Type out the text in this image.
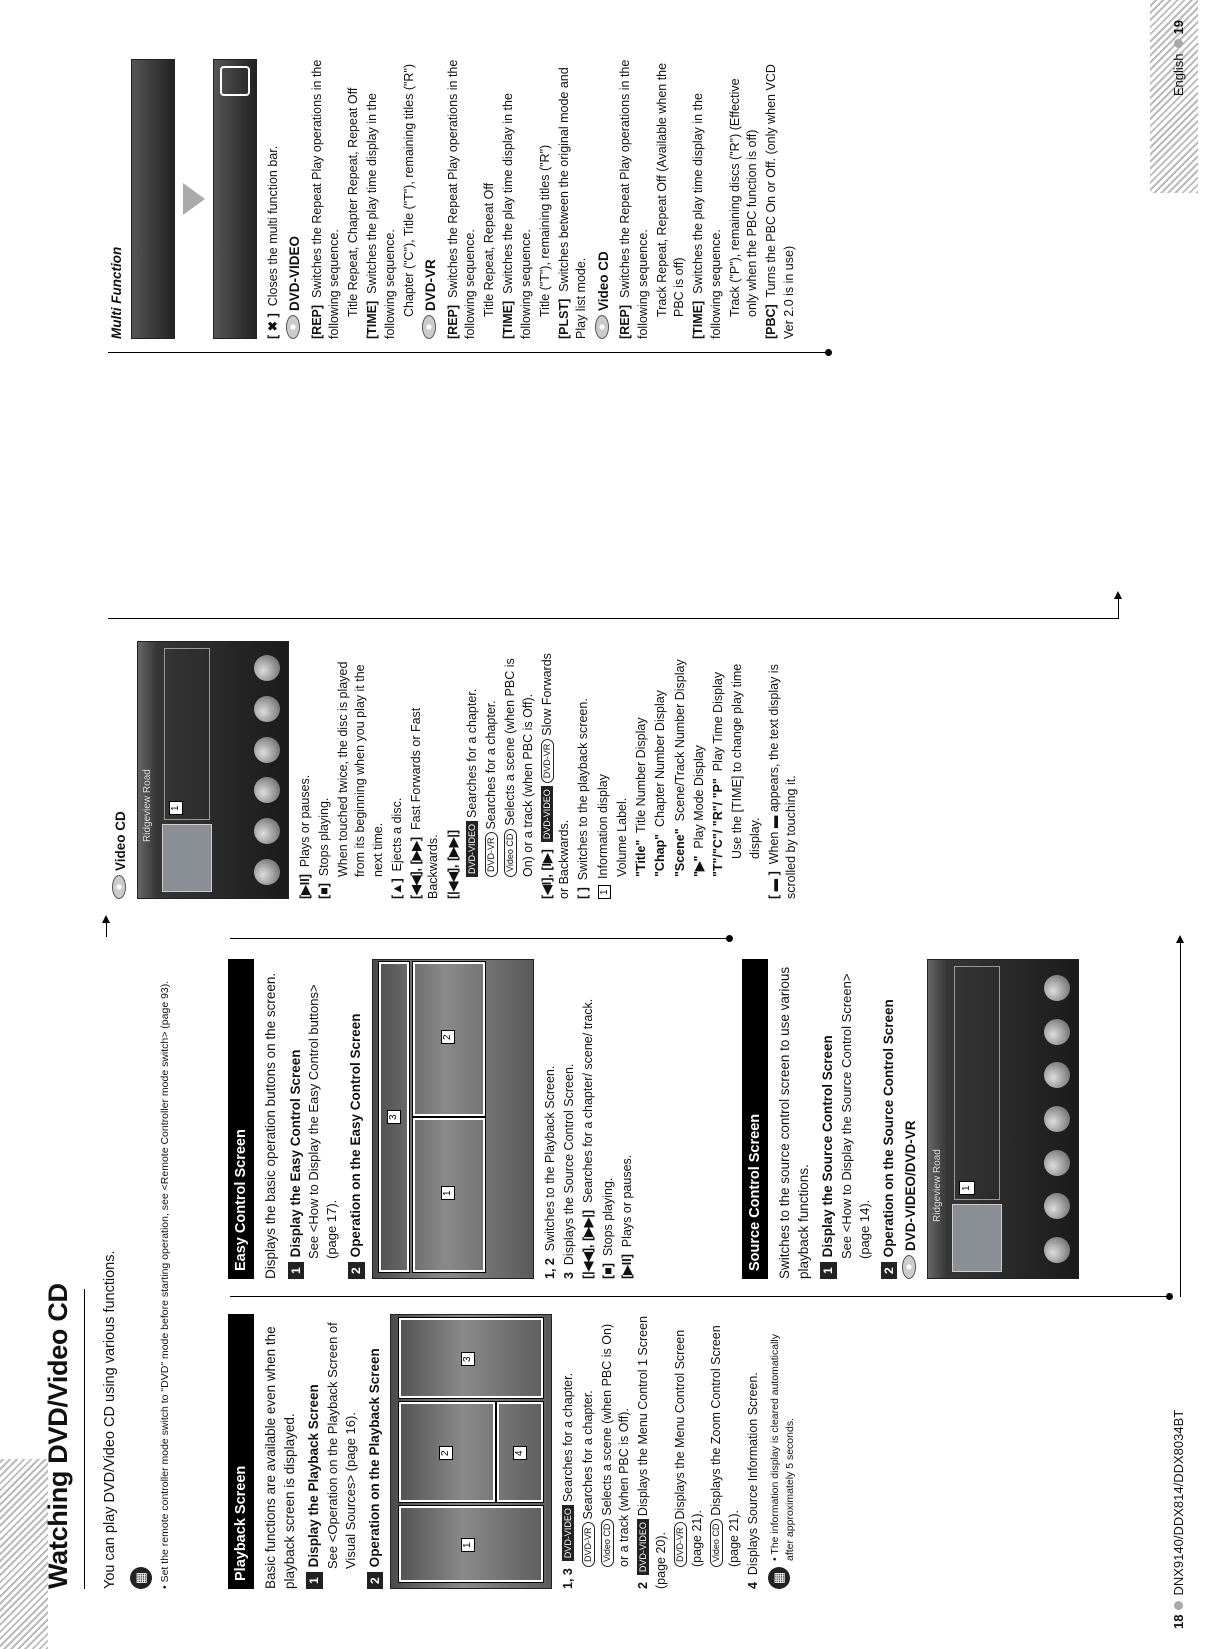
Watching DVD/Video CD You can play DVD/Video CD using various functions. ▦
• Set the remote controller mode switch to "DVD" mode before starting operation, see <Remote Controller mode switch> (page 93).	Playback Screen	Basic functions are available even when the playback screen is displayed. 1Display the Playback Screen See <Operation on the Playback Screen of Visual Sources> (page 16).
2Operation on the Playback Screen	1
2
3
4
1, 3  DVD-VIDEOSearches for a chapter.
DVD-VRSearches for a chapter.
Video CDSelects a scene (when PBC is On) or a track (when PBC is Off).
2  DVD-VIDEODisplays the Menu Control 1 Screen (page 20). DVD-VRDisplays the Menu Control Screen (page 21). Video CDDisplays the Zoom Control Screen (page 21).
4  Displays Source Information Screen.
▦
• The information display is cleared automatically after approximately 5 seconds.
Easy Control Screen	Displays the basic operation buttons on the screen. 1Display the Easy Control Screen See <How to Display the Easy Control buttons> (page 17).
2Operation on the Easy Control Screen 3
1
2
1, 2  Switches to the Playback Screen.
3  Displays the Source Control Screen. [|◀◀], [▶▶|]  Searches for a chapter/ scene/ track.
[■]  Stops playing.
[▶II]  Plays or pauses.	Source Control Screen	Switches to the source control screen to use various playback functions. 1Display the Source Control Screen See <How to Display the Source Control Screen> (page 14).
2Operation on the Source Control Screen DVD-VIDEO/DVD-VR Ridgeview Road 1
Video CD Ridgeview Road 1
[▶II]  Plays or pauses.
[■]  Stops playing. When touched twice, the disc is played from its beginning when you play it the next time.
[▲]  Ejects a disc. [◀◀], [▶▶]  Fast Forwards or Fast Backwards. [|◀◀], [▶▶|] DVD-VIDEOSearches for a chapter.
DVD-VRSearches for a chapter.
Video CDSelects a scene (when PBC is On) or a track (when PBC is Off). [◀I], [I▶]  DVD-VIDEODVD-VRSlow Forwards or Backwards. [ ]  Switches to the playback screen.
1 Information display Volume Label. "Title"  Title Number Display
"Chap"  Chapter Number Display
"Scene"  Scene/Track Number Display
"▶"  Play Mode Display "T"/"C"/ "R"/ "P"  Play Time Display Use the [TIME] to change play time display.
[ ▬ ]  When ▬ appears, the text display is scrolled by touching it.
Multi Function	[ ✖ ]  Closes the multi function bar. DVD-VIDEO
[REP]  Switches the Repeat Play operations in the following sequence. Title Repeat, Chapter Repeat, Repeat Off
[TIME]  Switches the play time display in the following sequence. Chapter ("C"), Title ("T"), remaining titles ("R") DVD-VR
[REP]  Switches the Repeat Play operations in the following sequence. Title Repeat, Repeat Off
[TIME]  Switches the play time display in the following sequence. Title ("T"), remaining titles ("R")
[PLST]  Switches between the original mode and Play list mode. Video CD
[REP]  Switches the Repeat Play operations in the following sequence. Track Repeat, Repeat Off (Available when the PBC is off)
[TIME]  Switches the play time display in the following sequence. Track ("P"), remaining discs ("R") (Effective only when the PBC function is off)
[PBC]  Turns the PBC On or Off. (only when VCD Ver 2.0 is in use)
18DNX9140/DDX814/DDX8034BT
English19
